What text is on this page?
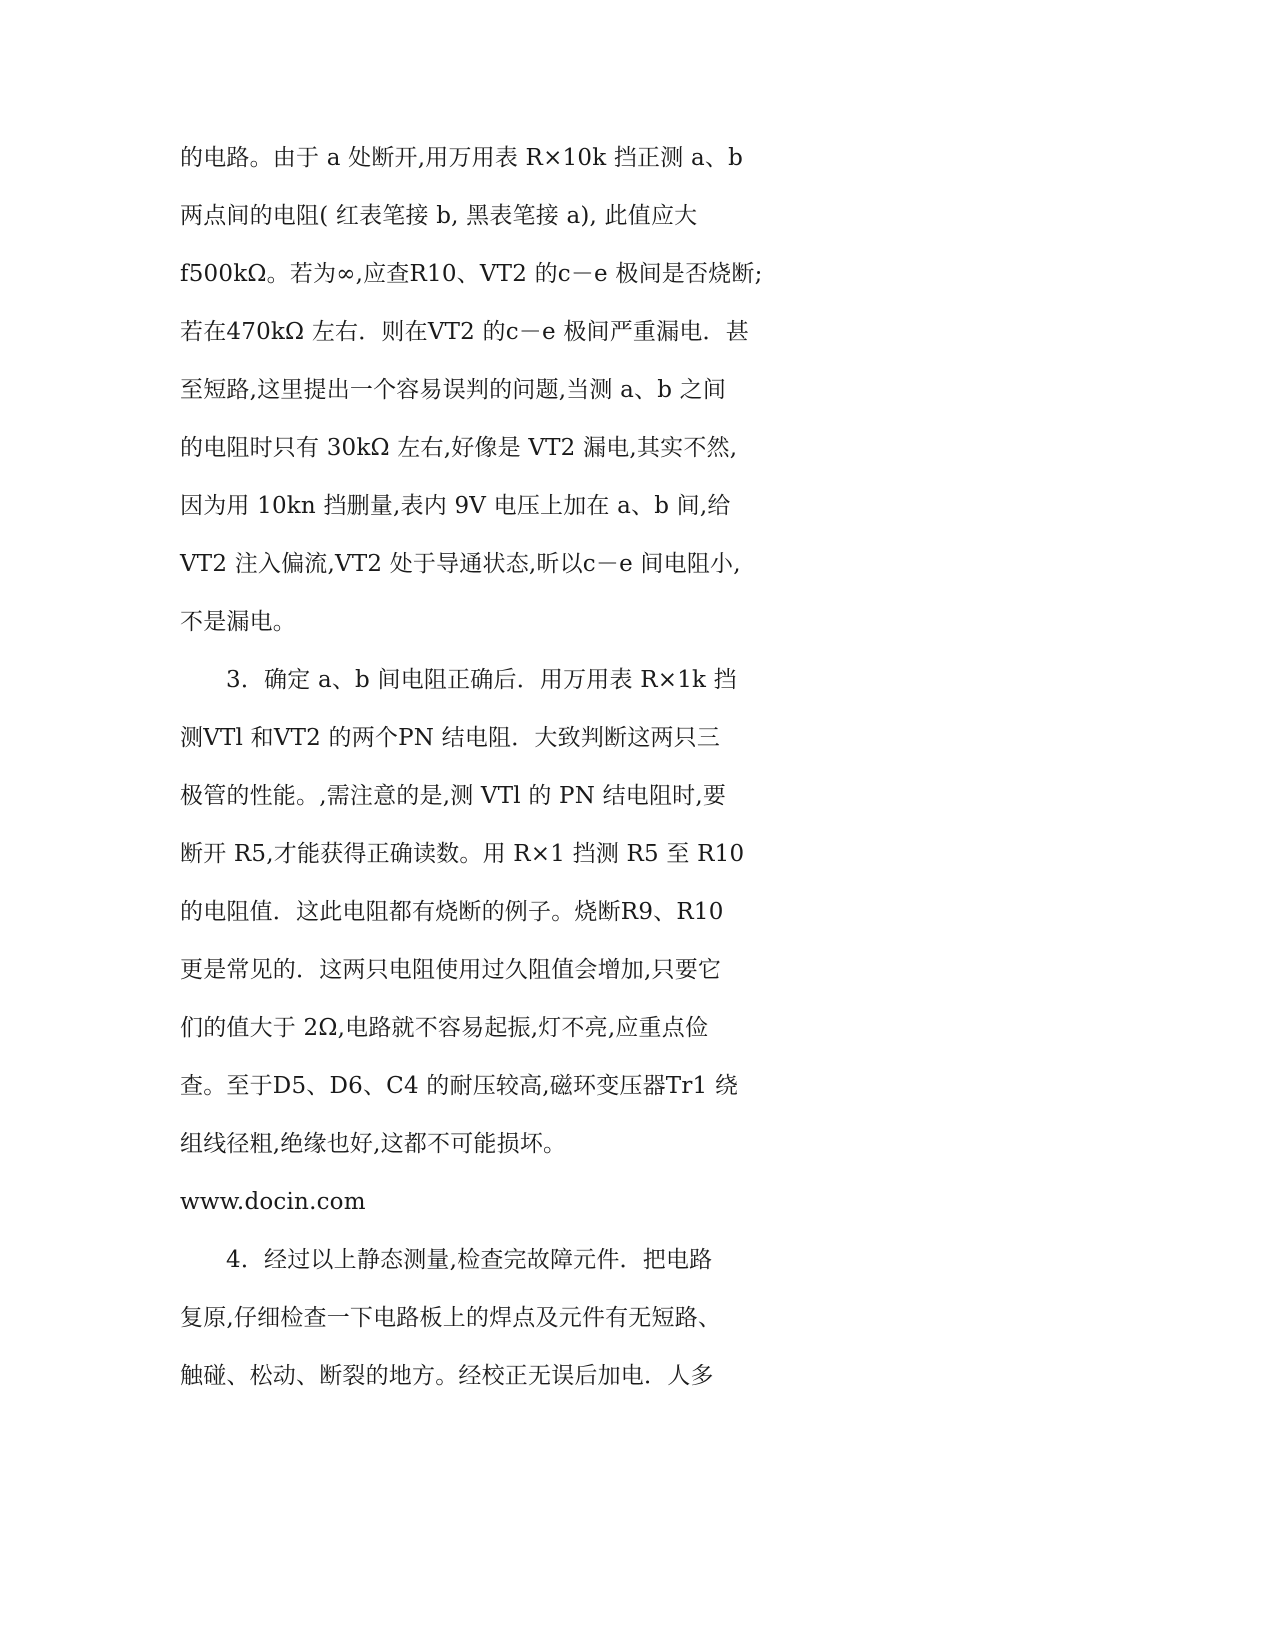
的电路。由于 a 处断开,用万用表 R×10k 挡正测 a、b
两点间的电阻( 红表笔接 b, 黑表笔接 a), 此值应大
f500kΩ。若为∞,应查R10、VT2 的c－e 极间是否烧断;
若在470kΩ 左右．则在VT2 的c－e 极间严重漏电．甚
至短路,这里提出一个容易误判的问题,当测 a、b 之间
的电阻时只有 30kΩ 左右,好像是 VT2 漏电,其实不然,
因为用 10kn 挡删量,表内 9V 电压上加在 a、b 间,给
VT2 注入偏流,VT2 处于导通状态,昕以c－e 间电阻小,
不是漏电。
3．确定 a、b 间电阻正确后．用万用表 R×1k 挡
测VTl 和VT2 的两个PN 结电阻．大致判断这两只三
极管的性能。,需注意的是,测 VTl 的 PN 结电阻时,要
断开 R5,才能获得正确读数。用 R×1 挡测 R5 至 R10
的电阻值．这此电阻都有烧断的例子。烧断R9、R10
更是常见的．这两只电阻使用过久阻值会增加,只要它
们的值大于 2Ω,电路就不容易起振,灯不亮,应重点俭
查。至于D5、D6、C4 的耐压较高,磁环变压器Tr1 绕
组线径粗,绝缘也好,这都不可能损坏。
www.docin.com
4．经过以上静态测量,检查完故障元件．把电路
复原,仔细检查一下电路板上的焊点及元件有无短路、
触碰、松动、断裂的地方。经校正无误后加电．人多
